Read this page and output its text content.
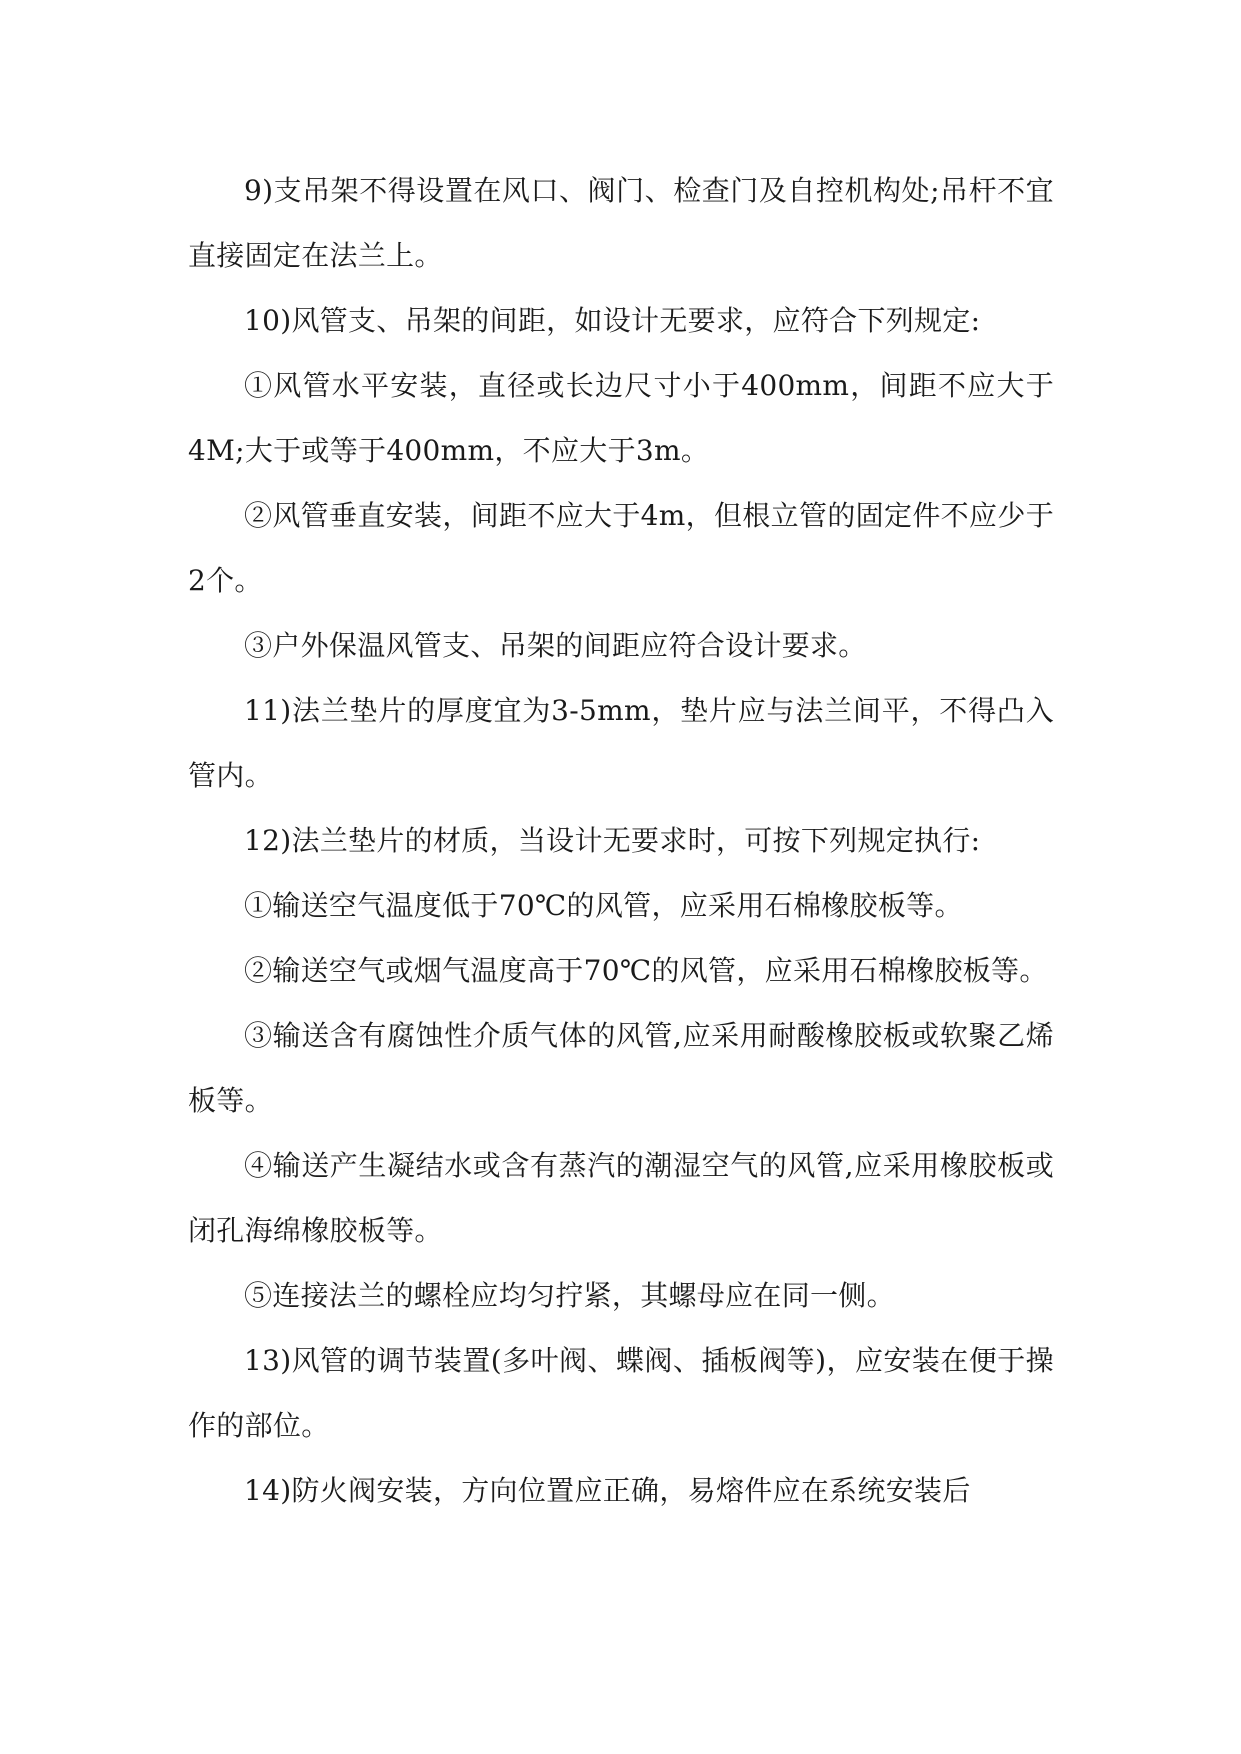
9)支吊架不得设置在风口、阀门、检查门及自控机构处;吊杆不宜直接固定在法兰上。

10)风管支、吊架的间距，如设计无要求，应符合下列规定:

①风管水平安装，直径或长边尺寸小于400mm，间距不应大于4M;大于或等于400mm，不应大于3m。

②风管垂直安装，间距不应大于4m，但根立管的固定件不应少于2个。

③户外保温风管支、吊架的间距应符合设计要求。

11)法兰垫片的厚度宜为3-5mm，垫片应与法兰间平，不得凸入管内。

12)法兰垫片的材质，当设计无要求时，可按下列规定执行:

①输送空气温度低于70℃的风管，应采用石棉橡胶板等。

②输送空气或烟气温度高于70℃的风管，应采用石棉橡胶板等。

③输送含有腐蚀性介质气体的风管,应采用耐酸橡胶板或软聚乙烯板等。

④输送产生凝结水或含有蒸汽的潮湿空气的风管,应采用橡胶板或闭孔海绵橡胶板等。

⑤连接法兰的螺栓应均匀拧紧，其螺母应在同一侧。

13)风管的调节装置(多叶阀、蝶阀、插板阀等)，应安装在便于操作的部位。

14)防火阀安装，方向位置应正确，易熔件应在系统安装后
